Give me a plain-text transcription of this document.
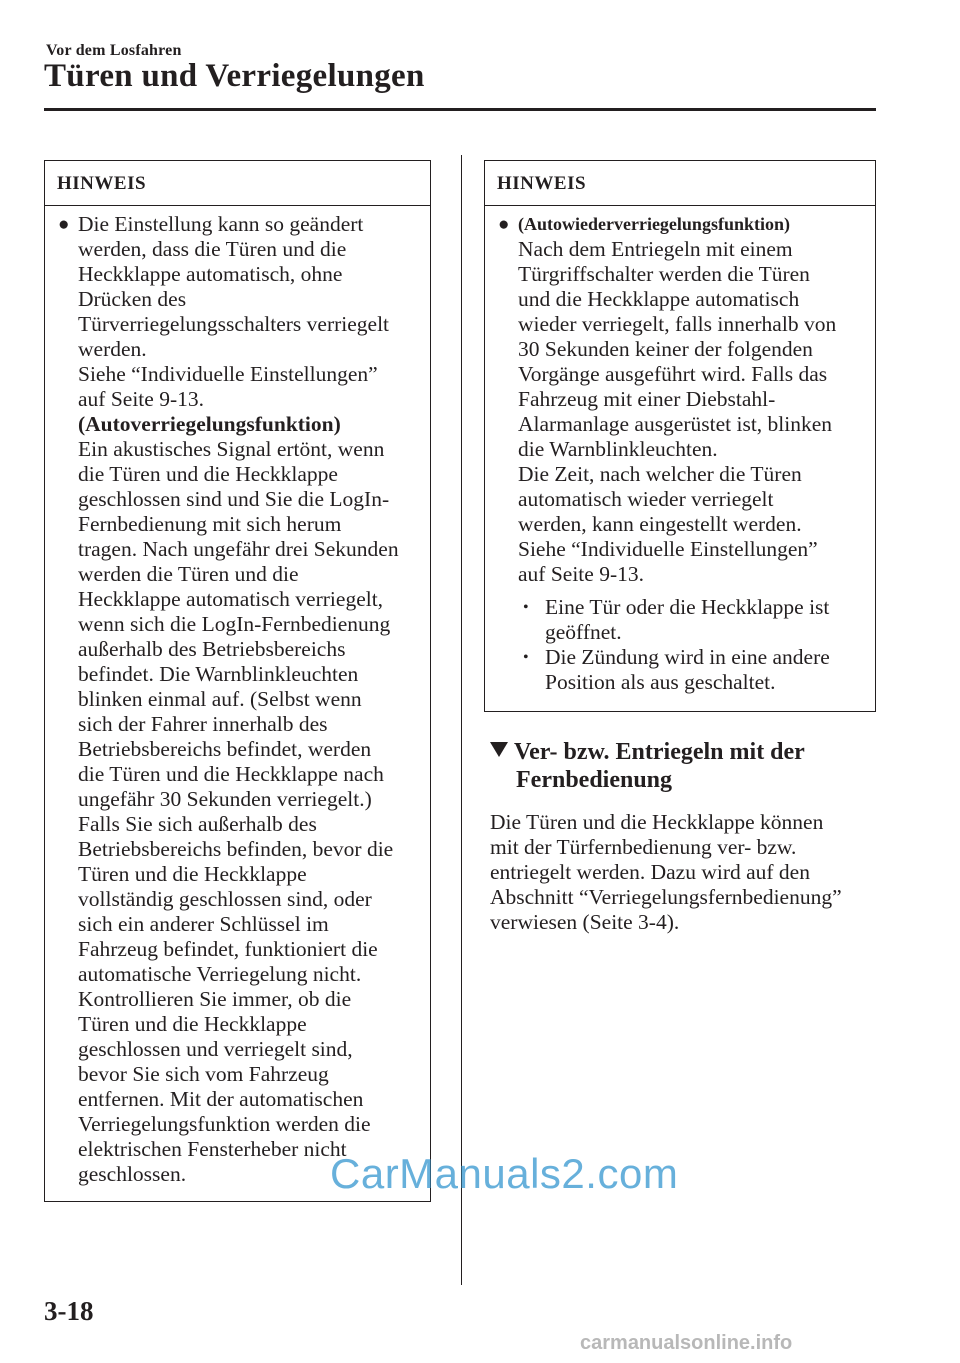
Vor dem Losfahren
Türen und Verriegelungen
HINWEIS
● Die Einstellung kann so geändert
werden, dass die Türen und die
Heckklappe automatisch, ohne
Drücken des
Türverriegelungsschalters verriegelt
werden.
Siehe “Individuelle Einstellungen”
auf Seite 9-13.
(Autoverriegelungsfunktion)
Ein akustisches Signal ertönt, wenn
die Türen und die Heckklappe
geschlossen sind und Sie die LogIn-
Fernbedienung mit sich herum
tragen. Nach ungefähr drei Sekunden
werden die Türen und die
Heckklappe automatisch verriegelt,
wenn sich die LogIn-Fernbedienung
außerhalb des Betriebsbereichs
befindet. Die Warnblinkleuchten
blinken einmal auf. (Selbst wenn
sich der Fahrer innerhalb des
Betriebsbereichs befindet, werden
die Türen und die Heckklappe nach
ungefähr 30 Sekunden verriegelt.)
Falls Sie sich außerhalb des
Betriebsbereichs befinden, bevor die
Türen und die Heckklappe
vollständig geschlossen sind, oder
sich ein anderer Schlüssel im
Fahrzeug befindet, funktioniert die
automatische Verriegelung nicht.
Kontrollieren Sie immer, ob die
Türen und die Heckklappe
geschlossen und verriegelt sind,
bevor Sie sich vom Fahrzeug
entfernen. Mit der automatischen
Verriegelungsfunktion werden die
elektrischen Fensterheber nicht
geschlossen.
HINWEIS
● (Autowiederverriegelungsfunktion)
Nach dem Entriegeln mit einem
Türgriffschalter werden die Türen
und die Heckklappe automatisch
wieder verriegelt, falls innerhalb von
30 Sekunden keiner der folgenden
Vorgänge ausgeführt wird. Falls das
Fahrzeug mit einer Diebstahl-
Alarmanlage ausgerüstet ist, blinken
die Warnblinkleuchten.
Die Zeit, nach welcher die Türen
automatisch wieder verriegelt
werden, kann eingestellt werden.
Siehe “Individuelle Einstellungen”
auf Seite 9-13.
• Eine Tür oder die Heckklappe ist
geöffnet.
• Die Zündung wird in eine andere
Position als aus geschaltet.
Ver- bzw. Entriegeln mit der
Fernbedienung
Die Türen und die Heckklappe können
mit der Türfernbedienung ver- bzw.
entriegelt werden. Dazu wird auf den
Abschnitt “Verriegelungsfernbedienung”
verwiesen (Seite 3-4).
CarManuals2.com
3-18
carmanualsonline.info
